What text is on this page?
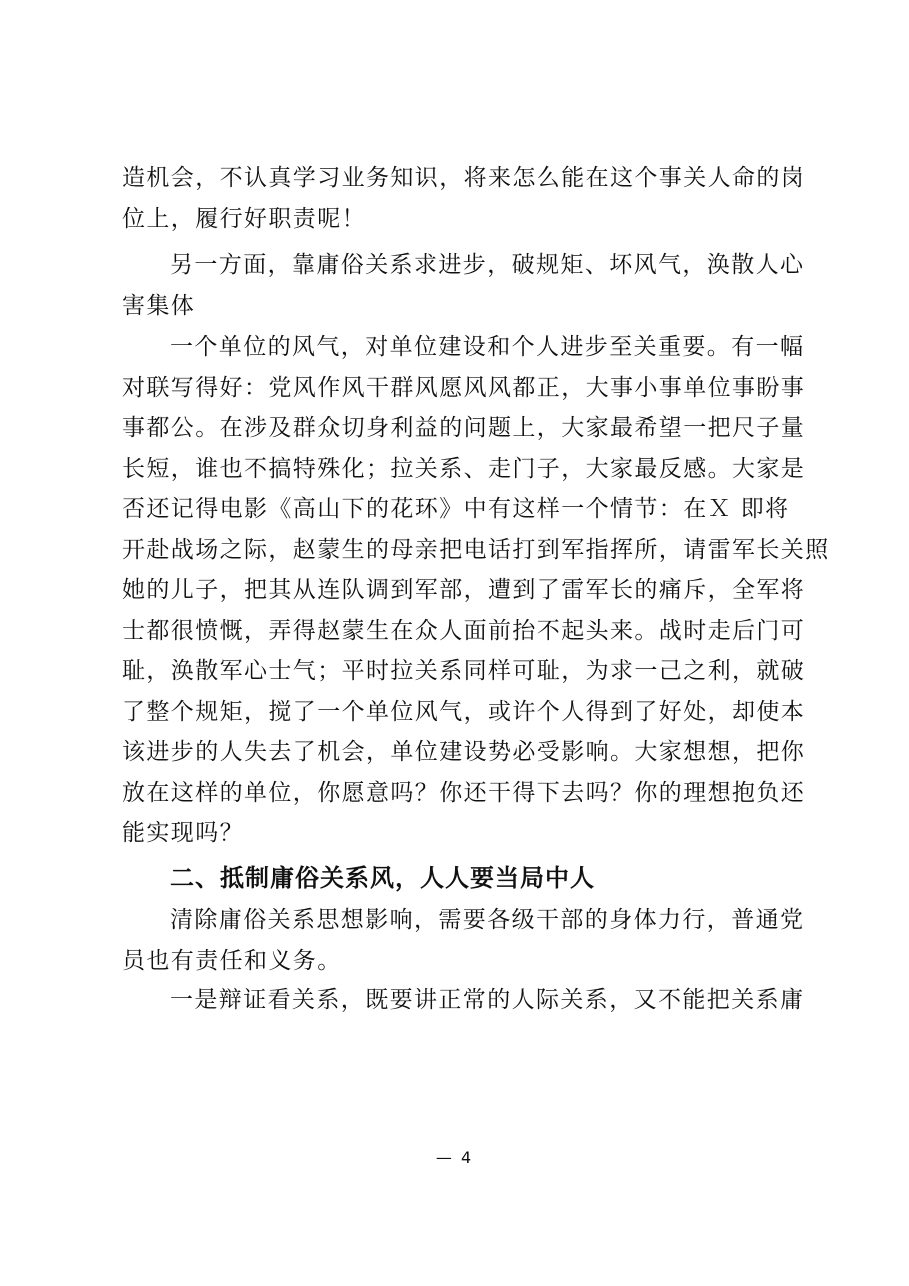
造机会，不认真学习业务知识，将来怎么能在这个事关人命的岗
位上，履行好职责呢！

另一方面，靠庸俗关系求进步，破规矩、坏风气，涣散人心
害集体

一个单位的风气，对单位建设和个人进步至关重要。有一幅
对联写得好：党风作风干群风愿风风都正，大事小事单位事盼事
事都公。在涉及群众切身利益的问题上，大家最希望一把尺子量
长短，谁也不搞特殊化；拉关系、走门子，大家最反感。大家是
否还记得电影《高山下的花环》中有这样一个情节：在Ｘ 即将
开赴战场之际，赵蒙生的母亲把电话打到军指挥所，请雷军长关照
她的儿子，把其从连队调到军部，遭到了雷军长的痛斥，全军将
士都很愤慨，弄得赵蒙生在众人面前抬不起头来。战时走后门可
耻，涣散军心士气；平时拉关系同样可耻，为求一己之利，就破
了整个规矩，搅了一个单位风气，或许个人得到了好处，却使本
该进步的人失去了机会，单位建设势必受影响。大家想想，把你
放在这样的单位，你愿意吗？你还干得下去吗？你的理想抱负还
能实现吗？

二、抵制庸俗关系风，人人要当局中人

清除庸俗关系思想影响，需要各级干部的身体力行，普通党
员也有责任和义务。

一是辩证看关系，既要讲正常的人际关系，又不能把关系庸

— 4
